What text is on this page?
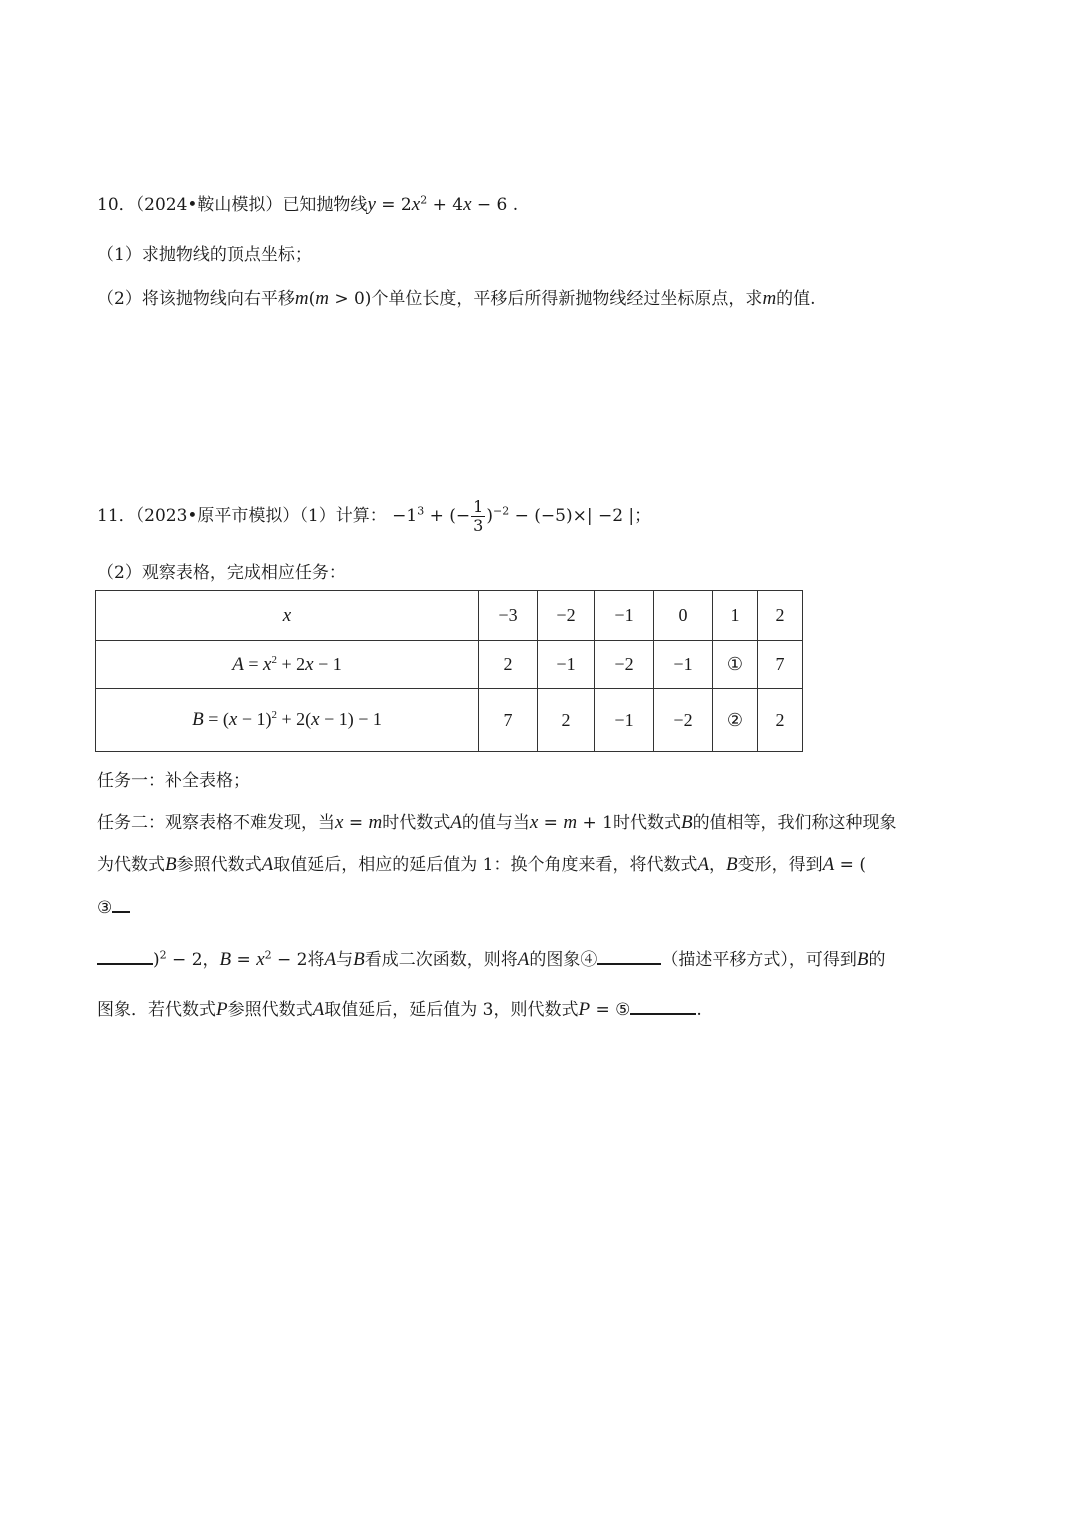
10．（2024•鞍山模拟）已知抛物线$y = 2x^2 + 4x - 6$ .
（1）求抛物线的顶点坐标；
（2）将该抛物线向右平移m(m > 0)个单位长度，平移后所得新抛物线经过坐标原点，求m的值.
11．（2023•原平市模拟）（1）计算： $-1^3$ + (− $\frac{1}{3} )^{-2} - (-5)\times| -2$ |；
（2）观察表格，完成相应任务：
x	−3	−2	−1	0	1	2
$A = x^2 + 2x - 1$	2	−1	−2	−1	①	7
$B = (x - 1)^2 + 2(x - 1) - 1$	7	2	−1	−2	②	2
任务一：补全表格；
任务二：观察表格不难发现，当x = m时代数式A的值与当x = m + 1时代数式B的值相等，我们称这种现象
为代数式B参照代数式A取值延后，相应的延后值为 1：换个角度来看，将代数式A，B变形，得到A = (
③
)$^2$ − 2，$B = x^2 - 2$将A与B看成二次函数，则将A的图象④	（描述平移方式），可得到B的
图象．若代数式P参照代数式A取值延后，延后值为 3，则代数式P = ⑤	.
